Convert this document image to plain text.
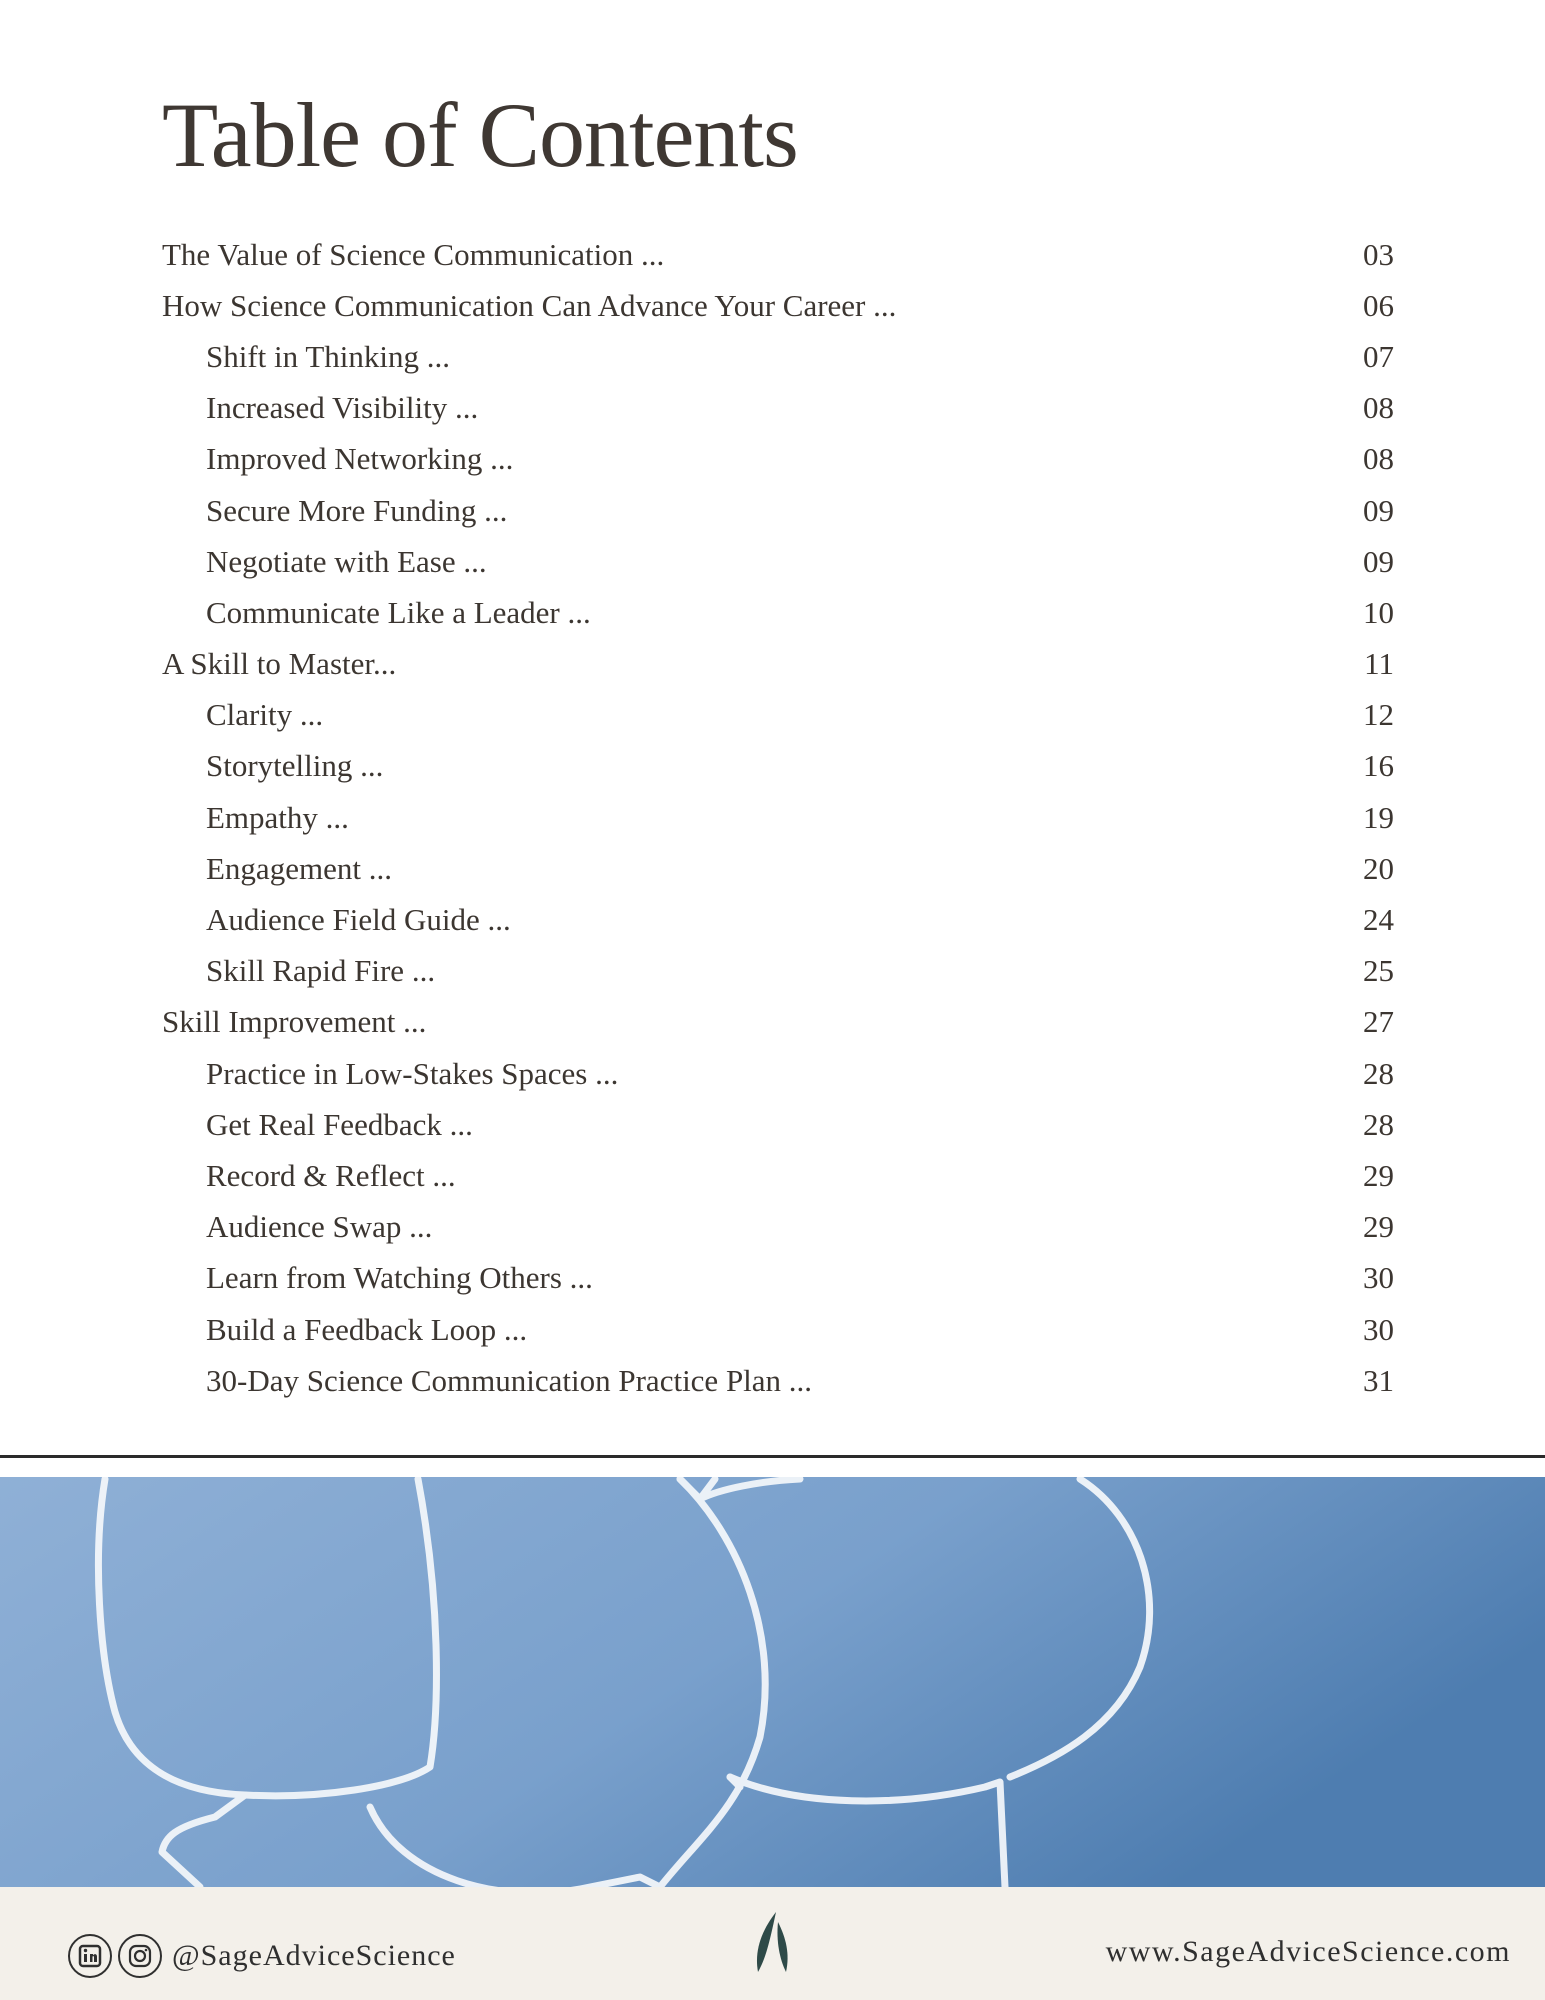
Table of Contents
The Value of Science Communication ...	03
How Science Communication Can Advance Your Career ...	06
Shift in Thinking ...	07
Increased Visibility ...	08
Improved Networking ...	08
Secure More Funding ...	09
Negotiate with Ease ...	09
Communicate Like a Leader ...	10
A Skill to Master...	11
Clarity ...	12
Storytelling ...	16
Empathy ...	19
Engagement ...	20
Audience Field Guide ...	24
Skill Rapid Fire ...	25
Skill Improvement ...	27
Practice in Low-Stakes Spaces ...	28
Get Real Feedback ...	28
Record & Reflect ...	29
Audience Swap ...	29
Learn from Watching Others ...	30
Build a Feedback Loop ...	30
30-Day Science Communication Practice Plan ...	31
@SageAdviceScience	www.SageAdviceScience.com
